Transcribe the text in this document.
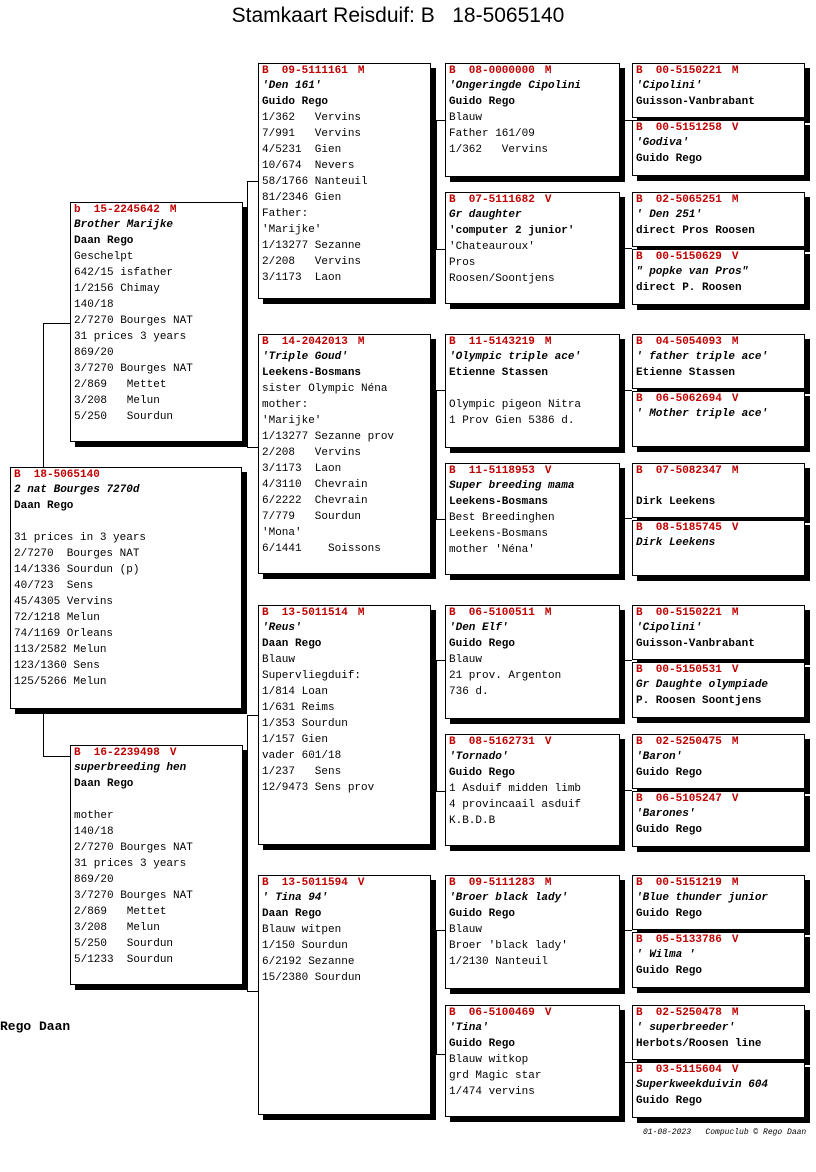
Stamkaart Reisduif: B   18-5065140
B  18-5065140
2 nat Bourges 7270d
Daan Rego

31 prices in 3 years
2/7270  Bourges NAT
14/1336 Sourdun (p)
40/723  Sens
45/4305 Vervins
72/1218 Melun
74/1169 Orleans
113/2582 Melun
123/1360 Sens
125/5266 Melun
b  15-2245642 M
Brother Marijke
Daan Rego
Geschelpt
642/15 isfather
1/2156 Chimay
140/18
2/7270 Bourges NAT
31 prices 3 years
869/20
3/7270 Bourges NAT
2/869   Mettet
3/208   Melun
5/250   Sourdun
B  16-2239498 V
superbreeding hen
Daan Rego

mother
140/18
2/7270 Bourges NAT
31 prices 3 years
869/20
3/7270 Bourges NAT
2/869   Mettet
3/208   Melun
5/250   Sourdun
5/1233  Sourdun
B  09-5111161 M
'Den 161'
Guido Rego
1/362   Vervins
7/991   Vervins
4/5231  Gien
10/674  Nevers
58/1766 Nanteuil
81/2346 Gien
Father:
'Marijke'
1/13277 Sezanne
2/208   Vervins
3/1173  Laon
B  14-2042013 M
'Triple Goud'
Leekens-Bosmans
sister Olympic Néna
mother:
'Marijke'
1/13277 Sezanne prov
2/208   Vervins
3/1173  Laon
4/3110  Chevrain
6/2222  Chevrain
7/779   Sourdun
'Mona'
6/1441    Soissons
B  13-5011514 M
'Reus'
Daan Rego
Blauw
Supervliegduif:
1/814 Loan
1/631 Reims
1/353 Sourdun
1/157 Gien
vader 601/18
1/237   Sens
12/9473 Sens prov
B  13-5011594 V
' Tina 94'
Daan Rego
Blauw witpen
1/150 Sourdun
6/2192 Sezanne
15/2380 Sourdun
B  08-0000000 M
'Ongeringde Cipolini
Guido Rego
Blauw
Father 161/09
1/362   Vervins
B  07-5111682 V
Gr daughter
'computer 2 junior'
'Chateauroux'
Pros
Roosen/Soontjens
B  11-5143219 M
'Olympic triple ace'
Etienne Stassen

Olympic pigeon Nitra
1 Prov Gien 5386 d.
B  11-5118953 V
Super breeding mama
Leekens-Bosmans
Best Breedinghen
Leekens-Bosmans
mother 'Néna'
B  06-5100511 M
'Den Elf'
Guido Rego
Blauw
21 prov. Argenton
736 d.
B  08-5162731 V
'Tornado'
Guido Rego
1 Asduif midden limb
4 provincaail asduif
K.B.D.B
B  09-5111283 M
'Broer black lady'
Guido Rego
Blauw
Broer 'black lady'
1/2130 Nanteuil
B  06-5100469 V
'Tina'
Guido Rego
Blauw witkop
grd Magic star
1/474 vervins
B  00-5150221 M
'Cipolini'
Guisson-Vanbrabant
B  00-5151258 V
'Godiva'
Guido Rego
B  02-5065251 M
' Den 251'
direct Pros Roosen
B  00-5150629 V
" popke van Pros"
direct P. Roosen
B  04-5054093 M
' father triple ace'
Etienne Stassen
B  06-5062694 V
' Mother triple ace'

B  07-5082347 M

Dirk Leekens
B  08-5185745 V
Dirk Leekens

B  00-5150221 M
'Cipolini'
Guisson-Vanbrabant
B  00-5150531 V
Gr Daughte olympiade
P. Roosen Soontjens
B  02-5250475 M
'Baron'
Guido Rego
B  06-5105247 V
'Barones'
Guido Rego
B  00-5151219 M
'Blue thunder junior
Guido Rego
B  05-5133786 V
' Wilma '
Guido Rego
B  02-5250478 M
' superbreeder'
Herbots/Roosen line
B  03-5115604 V
Superkweekduivin 604
Guido Rego
Rego Daan
01-08-2023   Compuclub © Rego Daan
